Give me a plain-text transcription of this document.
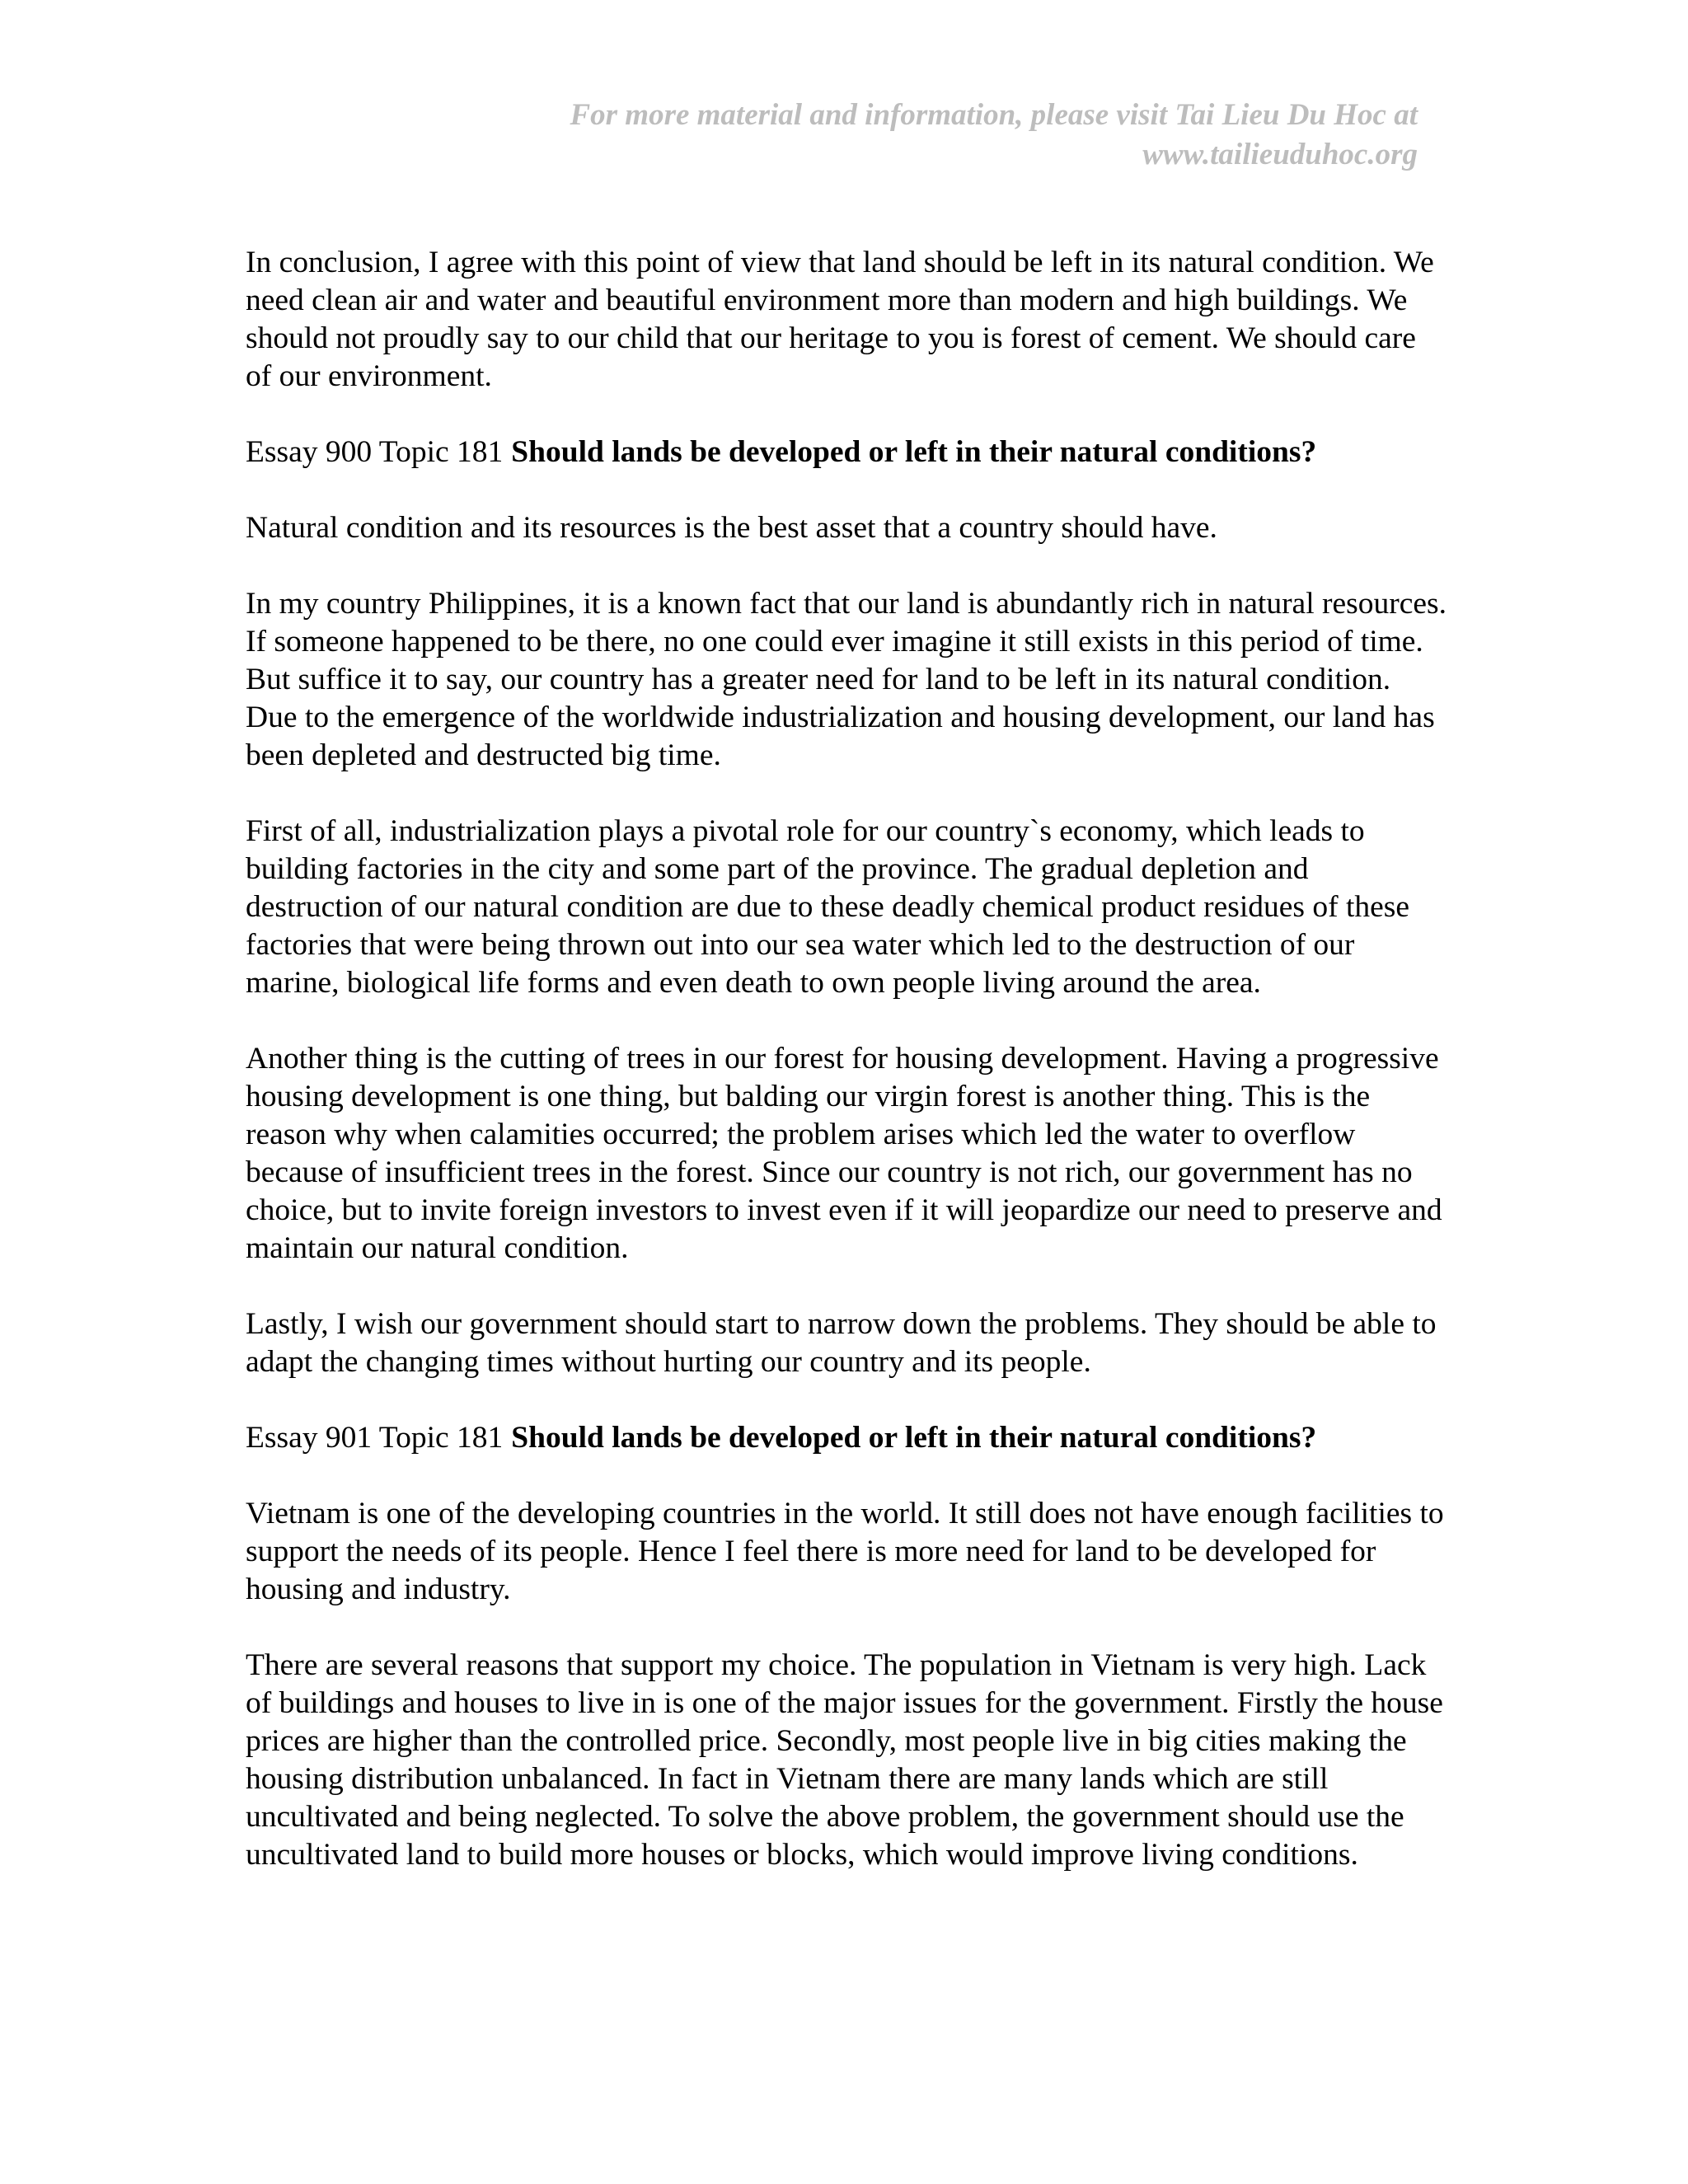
For more material and information, please visit Tai Lieu Du Hoc at

www.tailieuduhoc.org

In conclusion, I agree with this point of view that land should be left in its natural condition. We need clean air and water and beautiful environment more than modern and high buildings. We should not proudly say to our child that our heritage to you is forest of cement. We should care of our environment.

Essay 900 Topic 181 Should lands be developed or left in their natural conditions?

Natural condition and its resources is the best asset that a country should have.

In my country Philippines, it is a known fact that our land is abundantly rich in natural resources. If someone happened to be there, no one could ever imagine it still exists in this period of time. But suffice it to say, our country has a greater need for land to be left in its natural condition. Due to the emergence of the worldwide industrialization and housing development, our land has been depleted and destructed big time.

First of all, industrialization plays a pivotal role for our country`s economy, which leads to building factories in the city and some part of the province. The gradual depletion and destruction of our natural condition are due to these deadly chemical product residues of these factories that were being thrown out into our sea water which led to the destruction of our marine, biological life forms and even death to own people living around the area.

Another thing is the cutting of trees in our forest for housing development. Having a progressive housing development is one thing, but balding our virgin forest is another thing. This is the reason why when calamities occurred; the problem arises which led the water to overflow because of insufficient trees in the forest. Since our country is not rich, our government has no choice, but to invite foreign investors to invest even if it will jeopardize our need to preserve and maintain our natural condition.

Lastly, I wish our government should start to narrow down the problems. They should be able to adapt the changing times without hurting our country and its people.

Essay 901 Topic 181 Should lands be developed or left in their natural conditions?

Vietnam is one of the developing countries in the world. It still does not have enough facilities to support the needs of its people. Hence I feel there is more need for land to be developed for housing and industry.

There are several reasons that support my choice. The population in Vietnam is very high. Lack of buildings and houses to live in is one of the major issues for the government. Firstly the house prices are higher than the controlled price. Secondly, most people live in big cities making the housing distribution unbalanced. In fact in Vietnam there are many lands which are still uncultivated and being neglected. To solve the above problem, the government should use the uncultivated land to build more houses or blocks, which would improve living conditions.
